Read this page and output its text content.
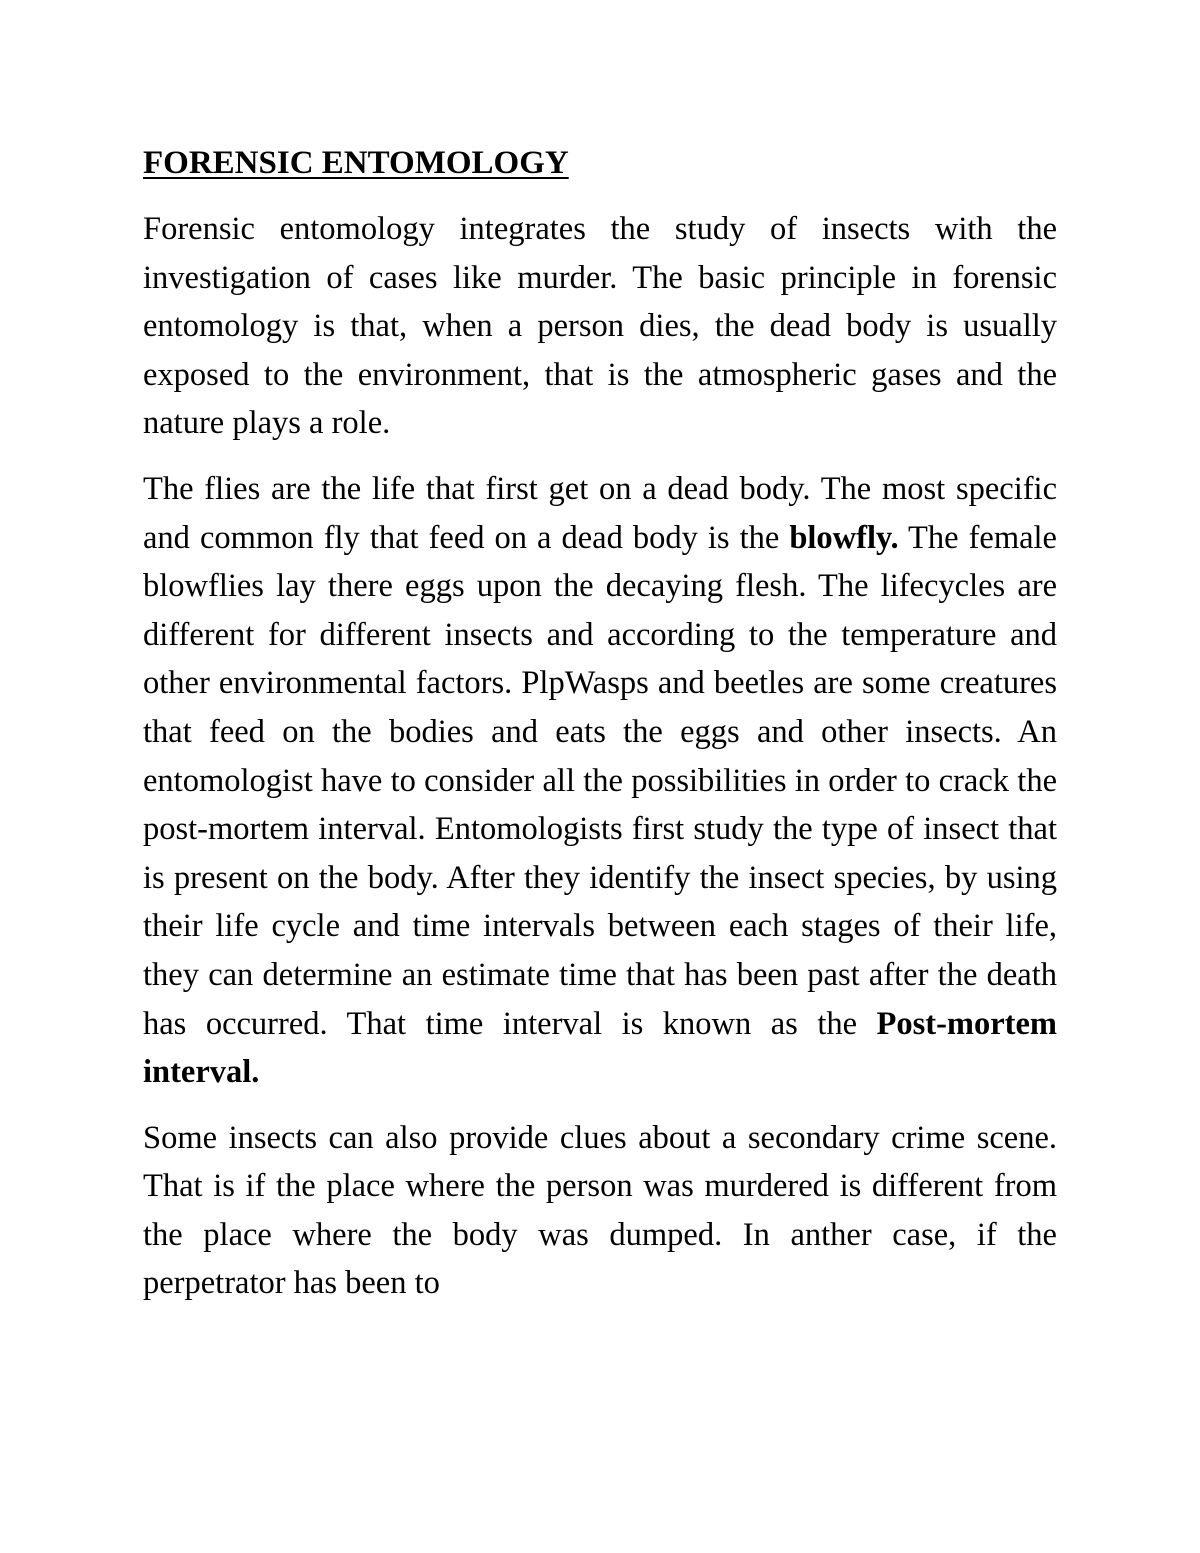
FORENSIC ENTOMOLOGY

Forensic entomology integrates the study of insects with the investigation of cases like murder. The basic principle in forensic entomology is that, when a person dies, the dead body is usually exposed to the environment, that is the atmospheric gases and the nature plays a role.

The flies are the life that first get on a dead body. The most specific and common fly that feed on a dead body is the blowfly. The female blowflies lay there eggs upon the decaying flesh. The lifecycles are different for different insects and according to the temperature and other environmental factors. PlpWasps and beetles are some creatures that feed on the bodies and eats the eggs and other insects. An entomologist have to consider all the possibilities in order to crack the post-mortem interval. Entomologists first study the type of insect that is present on the body. After they identify the insect species, by using their life cycle and time intervals between each stages of their life, they can determine an estimate time that has been past after the death has occurred. That time interval is known as the Post-mortem interval.

Some insects can also provide clues about a secondary crime scene. That is if the place where the person was murdered is different from the place where the body was dumped. In anther case, if the perpetrator has been to
